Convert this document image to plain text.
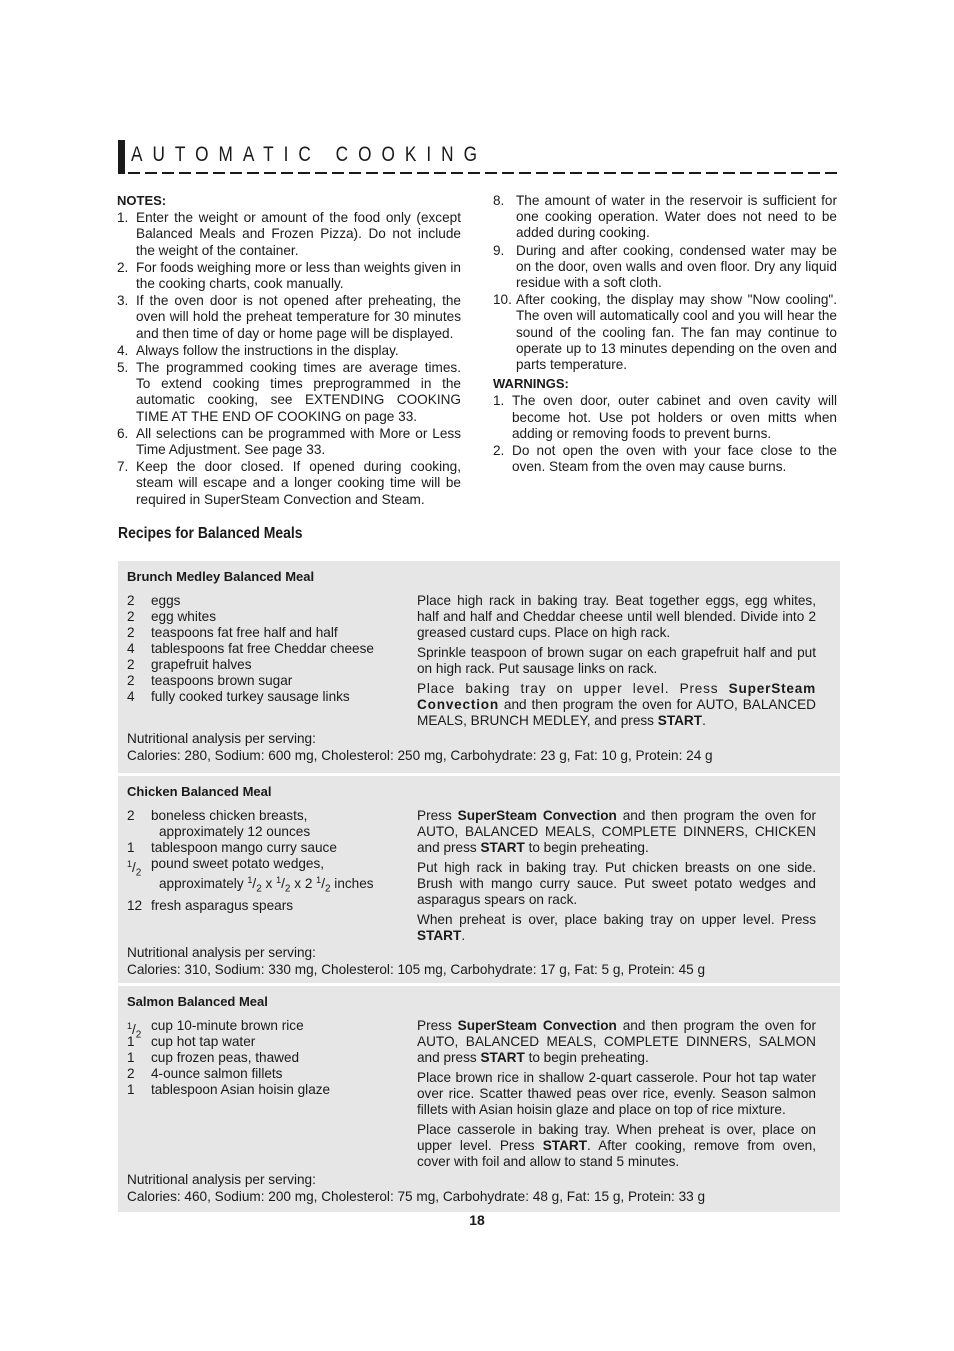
AUTOMATIC COOKING
NOTES:
1. Enter the weight or amount of the food only (except Balanced Meals and Frozen Pizza). Do not include the weight of the container.
2. For foods weighing more or less than weights given in the cooking charts, cook manually.
3. If the oven door is not opened after preheating, the oven will hold the preheat temperature for 30 minutes and then time of day or home page will be displayed.
4. Always follow the instructions in the display.
5. The programmed cooking times are average times. To extend cooking times preprogrammed in the automatic cooking, see EXTENDING COOKING TIME AT THE END OF COOKING on page 33.
6. All selections can be programmed with More or Less Time Adjustment. See page 33.
7. Keep the door closed. If opened during cooking, steam will escape and a longer cooking time will be required in SuperSteam Convection and Steam.
8. The amount of water in the reservoir is sufficient for one cooking operation. Water does not need to be added during cooking.
9. During and after cooking, condensed water may be on the door, oven walls and oven floor. Dry any liquid residue with a soft cloth.
10. After cooking, the display may show "Now cooling". The oven will automatically cool and you will hear the sound of the cooling fan. The fan may continue to operate up to 13 minutes depending on the oven and parts temperature.
WARNINGS:
1. The oven door, outer cabinet and oven cavity will become hot. Use pot holders or oven mitts when adding or removing foods to prevent burns.
2. Do not open the oven with your face close to the oven. Steam from the oven may cause burns.
Recipes for Balanced Meals
Brunch Medley Balanced Meal
2 eggs
2 egg whites
2 teaspoons fat free half and half
4 tablespoons fat free Cheddar cheese
2 grapefruit halves
2 teaspoons brown sugar
4 fully cooked turkey sausage links

Place high rack in baking tray. Beat together eggs, egg whites, half and half and Cheddar cheese until well blended. Divide into 2 greased custard cups. Place on high rack.

Sprinkle teaspoon of brown sugar on each grapefruit half and put on high rack. Put sausage links on rack.

Place baking tray on upper level. Press SuperSteam Convection and then program the oven for AUTO, BALANCED MEALS, BRUNCH MEDLEY, and press START.

Nutritional analysis per serving:
Calories: 280, Sodium: 600 mg, Cholesterol: 250 mg, Carbohydrate: 23 g, Fat: 10 g, Protein: 24 g
Chicken Balanced Meal
2 boneless chicken breasts,
approximately 12 ounces
1 tablespoon mango curry sauce
$^1/_2$
pound sweet potato wedges,
approximately $^1/_2$ x $^1/_2$ x 2 $^1/_2$ inches
12 fresh asparagus spears

Press SuperSteam Convection and then program the oven for AUTO, BALANCED MEALS, COMPLETE DINNERS, CHICKEN and press START to begin preheating.

Put high rack in baking tray. Put chicken breasts on one side. Brush with mango curry sauce. Put sweet potato wedges and asparagus spears on rack.

When preheat is over, place baking tray on upper level. Press START.

Nutritional analysis per serving:
Calories: 310, Sodium: 330 mg, Cholesterol: 105 mg, Carbohydrate: 17 g, Fat: 5 g, Protein: 45 g
Salmon Balanced Meal
$^1/_2$
cup 10-minute brown rice
1 cup hot tap water
1 cup frozen peas, thawed
2 4-ounce salmon fillets
1 tablespoon Asian hoisin glaze

Press SuperSteam Convection and then program the oven for AUTO, BALANCED MEALS, COMPLETE DINNERS, SALMON and press START to begin preheating.

Place brown rice in shallow 2-quart casserole. Pour hot tap water over rice. Scatter thawed peas over rice, evenly. Season salmon fillets with Asian hoisin glaze and place on top of rice mixture.

Place casserole in baking tray. When preheat is over, place on upper level. Press START. After cooking, remove from oven, cover with foil and allow to stand 5 minutes.

Nutritional analysis per serving:
Calories: 460, Sodium: 200 mg, Cholesterol: 75 mg, Carbohydrate: 48 g, Fat: 15 g, Protein: 33 g
18
